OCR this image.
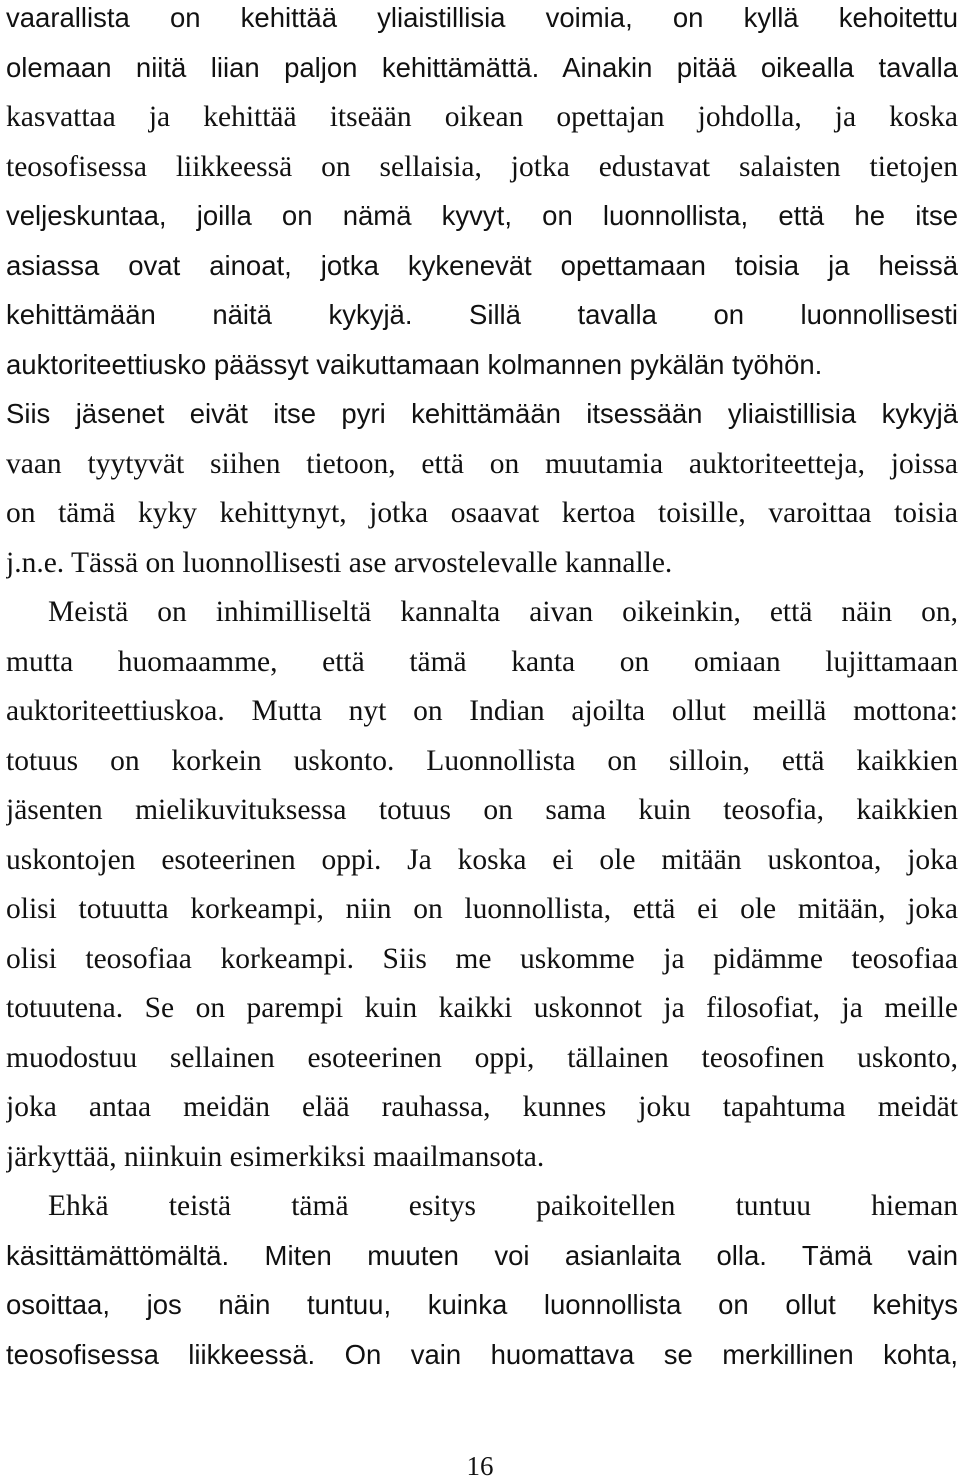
vaarallista on kehittää yliaistillisia voimia, on kyllä kehoitettu
olemaan niitä liian paljon kehittämättä. Ainakin pitää oikealla tavalla
kasvattaa ja kehittää itseään oikean opettajan johdolla, ja koska
teosofisessa liikkeessä on sellaisia, jotka edustavat salaisten tietojen
veljeskuntaa, joilla on nämä kyvyt, on luonnollista, että he itse
asiassa ovat ainoat, jotka kykenevät opettamaan toisia ja heissä
kehittämään näitä kykyjä. Sillä tavalla on luonnollisesti
auktoriteettiusko päässyt vaikuttamaan kolmannen pykälän työhön.
Siis jäsenet eivät itse pyri kehittämään itsessään yliaistillisia kykyjä
vaan tyytyvät siihen tietoon, että on muutamia auktoriteetteja, joissa
on tämä kyky kehittynyt, jotka osaavat kertoa toisille, varoittaa toisia
j.n.e. Tässä on luonnollisesti ase arvostelevalle kannalle.
Meistä on inhimilliseltä kannalta aivan oikeinkin, että näin on,
mutta huomaamme, että tämä kanta on omiaan lujittamaan
auktoriteettiuskoa. Mutta nyt on Indian ajoilta ollut meillä mottona:
totuus on korkein uskonto. Luonnollista on silloin, että kaikkien
jäsenten mielikuvituksessa totuus on sama kuin teosofia, kaikkien
uskontojen esoteerinen oppi. Ja koska ei ole mitään uskontoa, joka
olisi totuutta korkeampi, niin on luonnollista, että ei ole mitään, joka
olisi teosofiaa korkeampi. Siis me uskomme ja pidämme teosofiaa
totuutena. Se on parempi kuin kaikki uskonnot ja filosofiat, ja meille
muodostuu sellainen esoteerinen oppi, tällainen teosofinen uskonto,
joka antaa meidän elää rauhassa, kunnes joku tapahtuma meidät
järkyttää, niinkuin esimerkiksi maailmansota.
Ehkä teistä tämä esitys paikoitellen tuntuu hieman
käsittämättömältä. Miten muuten voi asianlaita olla. Tämä vain
osoittaa, jos näin tuntuu, kuinka luonnollista on ollut kehitys
teosofisessa liikkeessä. On vain huomattava se merkillinen kohta,
16
